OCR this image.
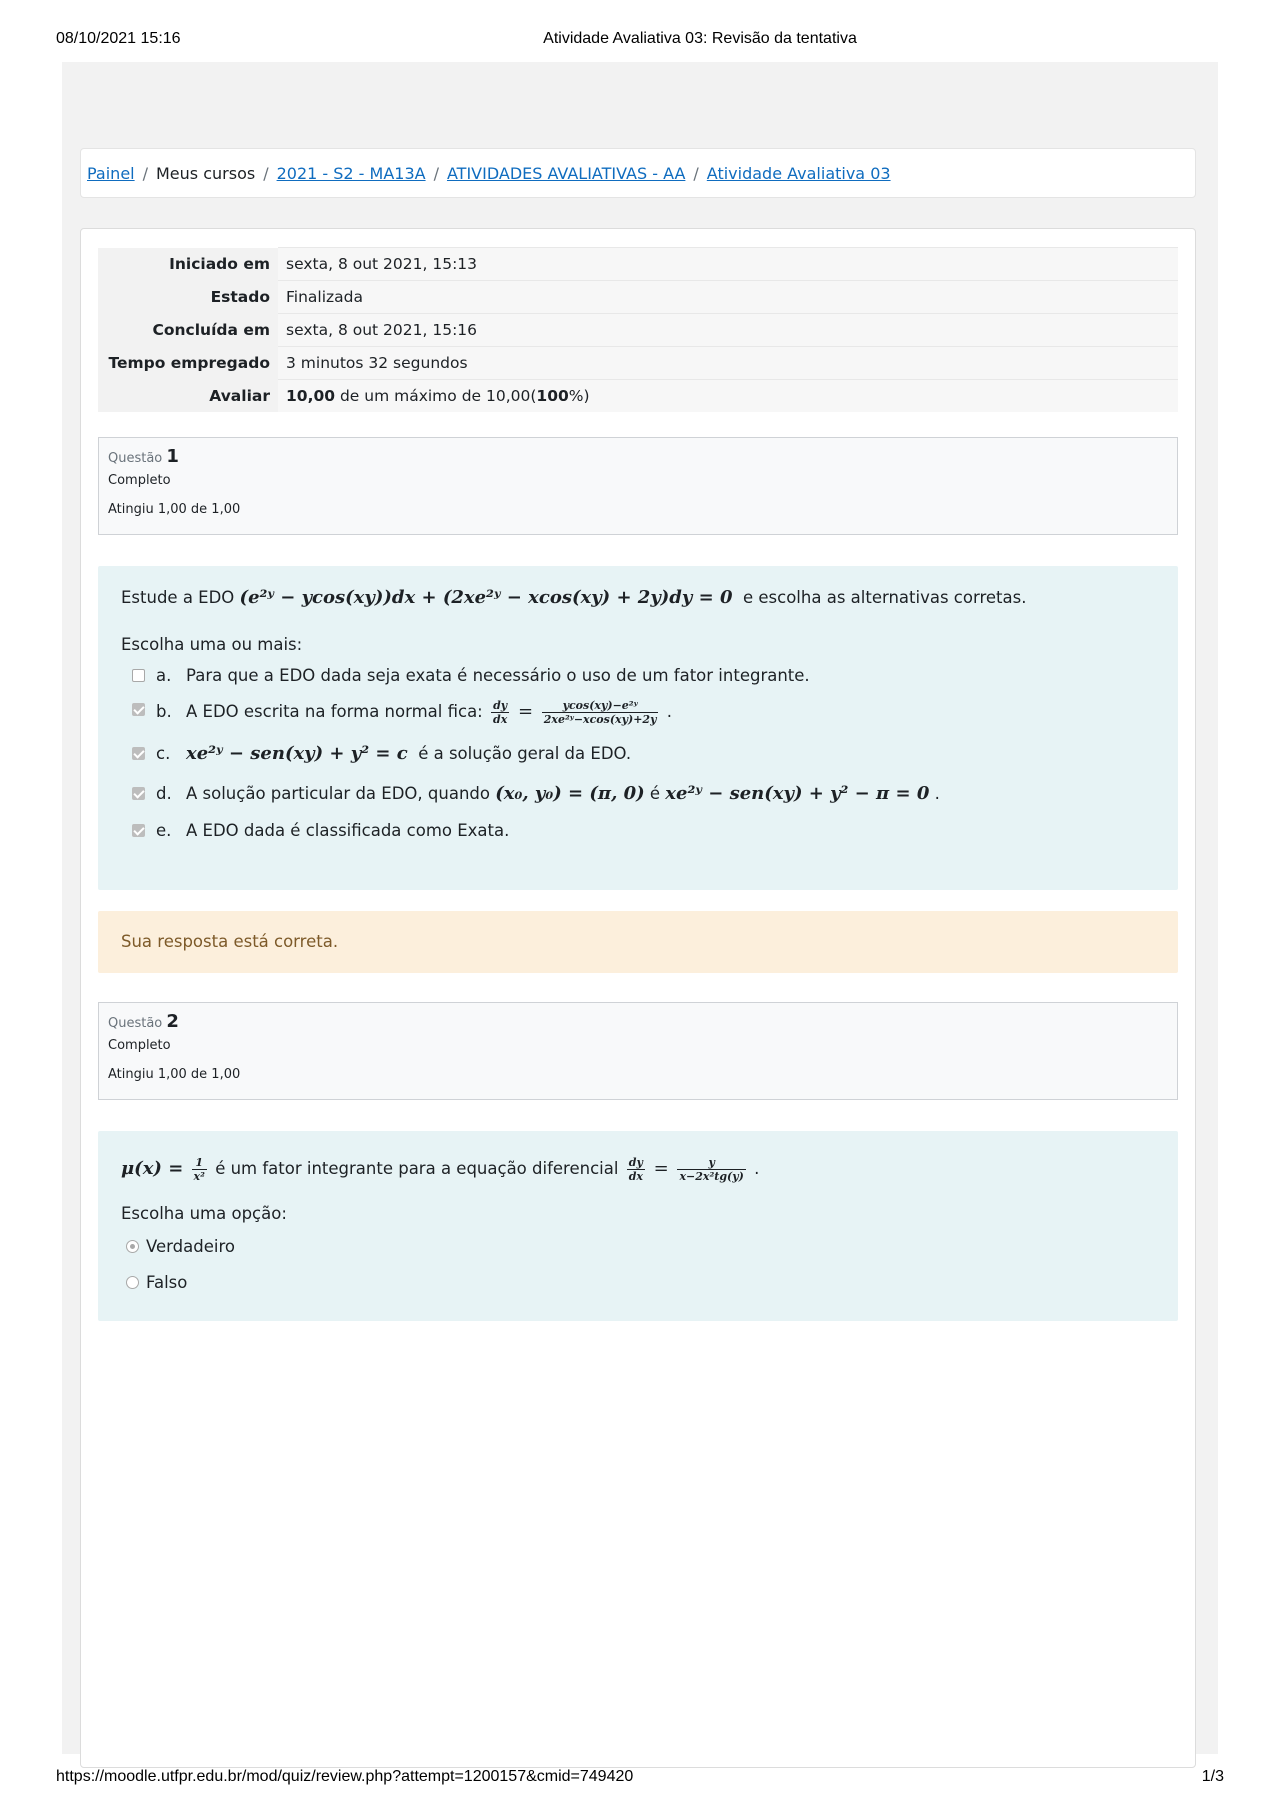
08/10/2021 15:16	Atividade Avaliativa 03: Revisão da tentativa
Painel / Meus cursos / 2021 - S2 - MA13A / ATIVIDADES AVALIATIVAS - AA / Atividade Avaliativa 03
Iniciado em	sexta, 8 out 2021, 15:13
Estado	Finalizada
Concluída em	sexta, 8 out 2021, 15:16
Tempo empregado	3 minutos 32 segundos
Avaliar	10,00 de um máximo de 10,00(100%)
Questão 1
Completo
Atingiu 1,00 de 1,00
Estude a EDO (e²ʸ − ycos(xy))dx + (2xe²ʸ − xcos(xy) + 2y)dy = 0 e escolha as alternativas corretas.
Escolha uma ou mais:
a. Para que a EDO dada seja exata é necessário o uso de um fator integrante.
b. A EDO escrita na forma normal fica: $\frac{dy}{dx} = \frac{\text{ycos(xy)−e²ʸ}}{\text{2xe²ʸ−xcos(xy)+2y}}$ .
c. xe²ʸ − sen(xy) + y² = c é a solução geral da EDO.
d. A solução particular da EDO, quando (x₀, y₀) = (π, 0) é xe²ʸ − sen(xy) + y² − π = 0 .
e. A EDO dada é classificada como Exata.
Sua resposta está correta.
Questão 2
Completo
Atingiu 1,00 de 1,00
$\mu(x) = \frac{1}{\text{x²}}$ é um fator integrante para a equação diferencial $\frac{dy}{dx} = \frac{y}{\text{x−2x²tg(y)}}$ .
Escolha uma opção:
Verdadeiro
Falso
https://moodle.utfpr.edu.br/mod/quiz/review.php?attempt=1200157&cmid=749420	1/3
